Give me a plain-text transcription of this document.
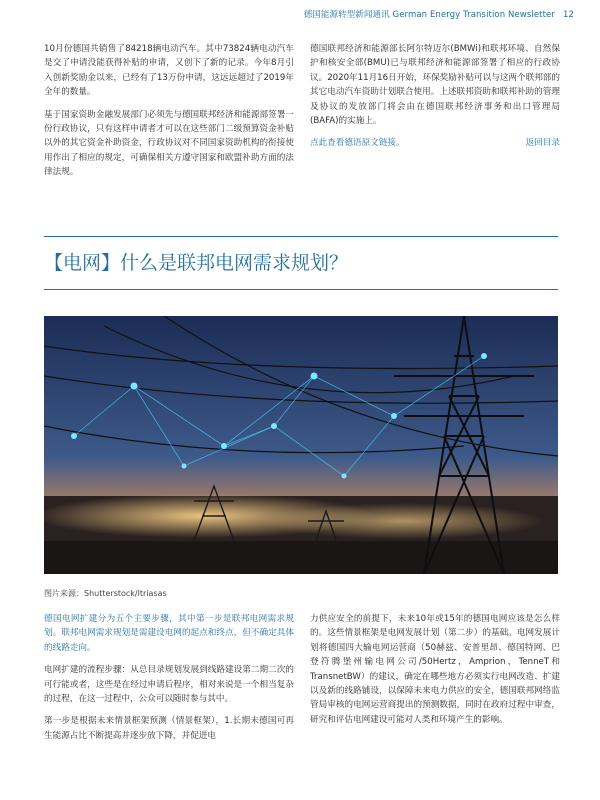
德国能源转型新闻通讯 German Energy Transition Newsletter 12

10月份德国共销售了84218辆电动汽车。其中73824辆电动汽车是交了申请没能获得补贴的申请，又创下了新的记录。今年8月引入创新奖励金以来，已经有了13万份申请，这远远超过了2019年全年的数量。

基于国家资助金融发展部门必须先与德国联邦经济和能源部签署一份行政协议，只有这样申请者才可以在这些部门二级预算资金补贴以外的其它资金补助资金，行政协议对不同国家资助机构的衔接使用作出了相应的规定，可确保相关方遵守国家和欧盟补助方面的法律法规。

德国联邦经济和能源部长阿尔特迈尔(BMWi)和联邦环境、自然保护和核安全部(BMU)已与联邦经济和能源部签署了相应的行政协议。2020年11月16日开始，环保奖励补贴可以与这两个联邦部的其它电动汽车资助计划联合使用。上述联邦资助和联邦补助的管理及协议的发放部门将会由在德国联邦经济事务和出口管理局(BAFA)的实施上。

点此查看德语原文链接。	返回目录
【电网】什么是联邦电网需求规划？
图片来源：Shutterstock/ltriasas

德国电网扩建分为五个主要步骤，其中第一步是联邦电网需求规划。联邦电网需求规划是需建设电网的起点和终点，但不确定具体的线路走向。

电网扩建的流程步骤：从总目录规划发展到线路建设第二期二次的可行能或者，这些是在经过申请后程序，相对来说是一个相当复杂的过程，在这一过程中，公众可以随时参与其中。

第一步是根据未来情景框架预测（情景框架），1.长期未德国可再生能源占比不断提高并逐步放下降，并促进电

力供应安全的前提下，未来10年或15年的德国电网应该是怎么样的。这些情景框架是电网发展计划（第二步）的基础。电网发展计划将德国四大输电网运营商（50赫兹、安普里昂、德国特网、巴登符腾堡州输电网公司/50Hertz，Amprion，TenneT和TransnetBW）的建议，确定在哪些地方必须实行电网改造、扩建以及新的线路铺设，以保障未来电力供应的安全，德国联邦网络监管局审核的电网运营商提出的预测数据，同时在政府过程中审查，研究和评估电网建设可能对人类和环境产生的影响。
